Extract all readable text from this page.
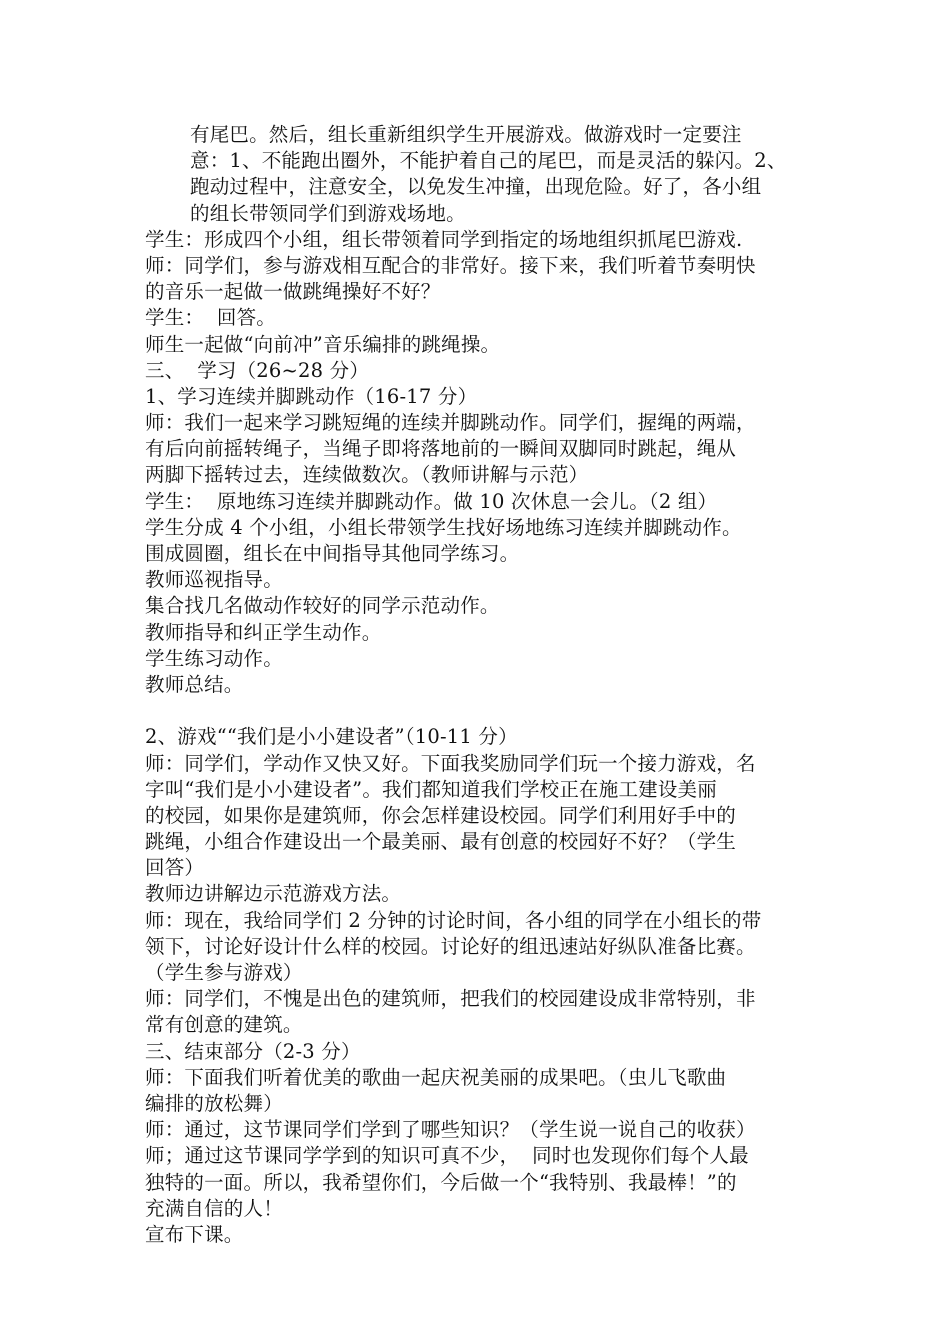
有尾巴。然后，组长重新组织学生开展游戏。做游戏时一定要注
意：1、不能跑出圈外，不能护着自己的尾巴，而是灵活的躲闪。2、
跑动过程中，注意安全，以免发生冲撞，出现危险。好了，各小组
的组长带领同学们到游戏场地。
学生：形成四个小组，组长带领着同学到指定的场地组织抓尾巴游戏.
师：同学们，参与游戏相互配合的非常好。接下来，我们听着节奏明快
的音乐一起做一做跳绳操好不好？
学生：  回答。
师生一起做“向前冲”音乐编排的跳绳操。
三、  学习（26~28 分）
1、学习连续并脚跳动作（16-17 分）
师：我们一起来学习跳短绳的连续并脚跳动作。同学们，握绳的两端，
有后向前摇转绳子，当绳子即将落地前的一瞬间双脚同时跳起，绳从
两脚下摇转过去，连续做数次。（教师讲解与示范）
学生：  原地练习连续并脚跳动作。做 10 次休息一会儿。（2 组）
学生分成 4 个小组，小组长带领学生找好场地练习连续并脚跳动作。
围成圆圈，组长在中间指导其他同学练习。
教师巡视指导。
集合找几名做动作较好的同学示范动作。
教师指导和纠正学生动作。
学生练习动作。
教师总结。
2、游戏““我们是小小建设者”（10-11 分）
师：同学们，学动作又快又好。下面我奖励同学们玩一个接力游戏，名
字叫“我们是小小建设者”。我们都知道我们学校正在施工建设美丽
的校园，如果你是建筑师，你会怎样建设校园。同学们利用好手中的
跳绳，小组合作建设出一个最美丽、最有创意的校园好不好？（学生
回答）
教师边讲解边示范游戏方法。
师：现在，我给同学们 2 分钟的讨论时间，各小组的同学在小组长的带
领下，讨论好设计什么样的校园。讨论好的组迅速站好纵队准备比赛。
（学生参与游戏）
师：同学们，不愧是出色的建筑师，把我们的校园建设成非常特别，非
常有创意的建筑。
三、结束部分（2-3 分）
师：下面我们听着优美的歌曲一起庆祝美丽的成果吧。（虫儿飞歌曲
编排的放松舞）
师：通过，这节课同学们学到了哪些知识？（学生说一说自己的收获）
师；通过这节课同学学到的知识可真不少，  同时也发现你们每个人最
独特的一面。所以，我希望你们，今后做一个“我特别、我最棒！”的
充满自信的人！
宣布下课。
